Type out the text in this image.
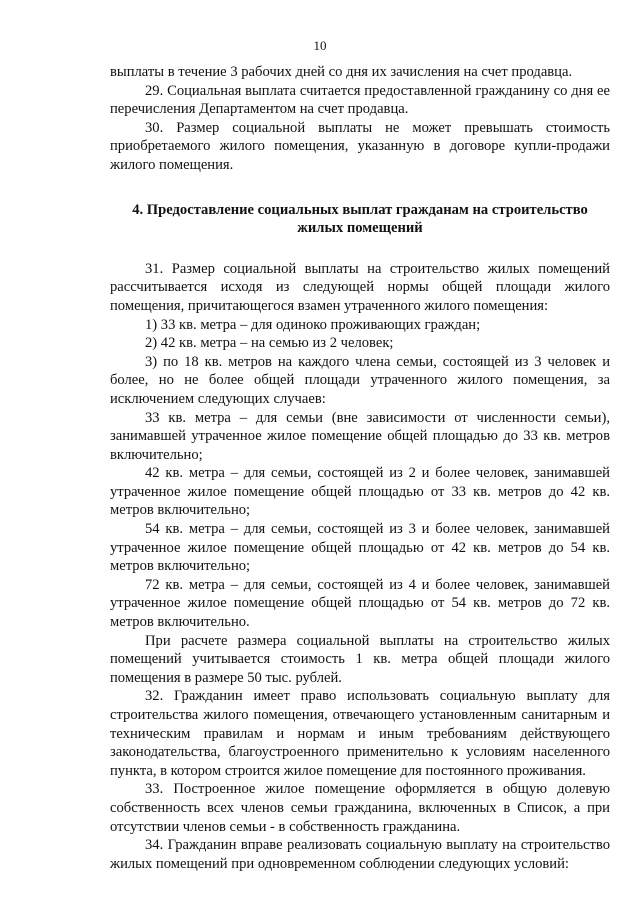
10

выплаты в течение 3 рабочих дней со дня их зачисления на счет продавца.

29. Социальная выплата считается предоставленной гражданину со дня ее перечисления Департаментом на счет продавца.

30. Размер социальной выплаты не может превышать стоимость приобретаемого жилого помещения, указанную в договоре купли-продажи жилого помещения.

4. Предоставление социальных выплат гражданам на строительство жилых помещений

31. Размер социальной выплаты на строительство жилых помещений рассчитывается исходя из следующей нормы общей площади жилого помещения, причитающегося взамен утраченного жилого помещения:

1) 33 кв. метра – для одиноко проживающих граждан;

2) 42 кв. метра – на семью из 2 человек;

3) по 18 кв. метров на каждого члена семьи, состоящей из 3 человек и более, но не более общей площади утраченного жилого помещения, за исключением следующих случаев:

33 кв. метра – для семьи (вне зависимости от численности семьи), занимавшей утраченное жилое помещение общей площадью до 33 кв. метров включительно;

42 кв. метра – для семьи, состоящей из 2 и более человек, занимавшей утраченное жилое помещение общей площадью от 33 кв. метров до 42 кв. метров включительно;

54 кв. метра – для семьи, состоящей из 3 и более человек, занимавшей утраченное жилое помещение общей площадью от 42 кв. метров до 54 кв. метров включительно;

72 кв. метра – для семьи, состоящей из 4 и более человек, занимавшей утраченное жилое помещение общей площадью от 54 кв. метров до 72 кв. метров включительно.

При расчете размера социальной выплаты на строительство жилых помещений учитывается стоимость 1 кв. метра общей площади жилого помещения в размере 50 тыс. рублей.

32. Гражданин имеет право использовать социальную выплату для строительства жилого помещения, отвечающего установленным санитарным и техническим правилам и нормам и иным требованиям действующего законодательства, благоустроенного применительно к условиям населенного пункта, в котором строится жилое помещение для постоянного проживания.

33. Построенное жилое помещение оформляется в общую долевую собственность всех членов семьи гражданина, включенных в Список, а при отсутствии членов семьи - в собственность гражданина.

34. Гражданин вправе реализовать социальную выплату на строительство жилых помещений при одновременном соблюдении следующих условий:
